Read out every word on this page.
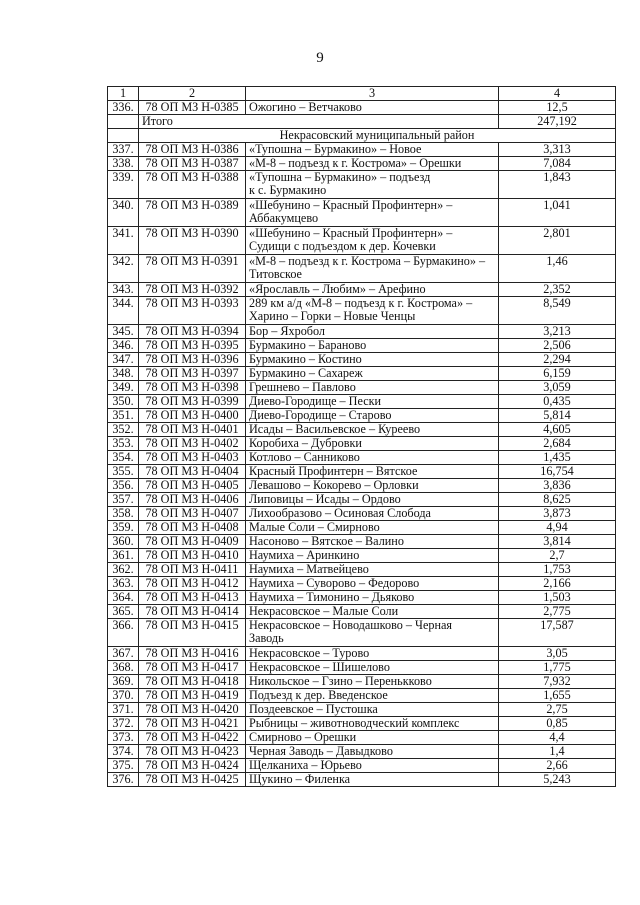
9
1	2	3	4
336.	78 ОП МЗ Н-0385	Ожогино – Ветчаково	12,5
	Итого		247,192
	Некрасовский муниципальный район		
337.	78 ОП МЗ Н-0386	«Тупошна – Бурмакино» – Новое	3,313
338.	78 ОП МЗ Н-0387	«М-8 – подъезд к г. Кострома» – Орешки	7,084
339.	78 ОП МЗ Н-0388	«Тупошна – Бурмакино» – подъезд
к с. Бурмакино	1,843
340.	78 ОП МЗ Н-0389	«Шебунино – Красный Профинтерн» –
Аббакумцево	1,041
341.	78 ОП МЗ Н-0390	«Шебунино – Красный Профинтерн» –
Судищи с подъездом к дер. Кочевки	2,801
342.	78 ОП МЗ Н-0391	«М-8 – подъезд к г. Кострома – Бурмакино» –
Титовское	1,46
343.	78 ОП МЗ Н-0392	«Ярославль – Любим» – Арефино	2,352
344.	78 ОП МЗ Н-0393	289 км а/д «М-8 – подъезд к г. Кострома» –
Харино – Горки – Новые Ченцы	8,549
345.	78 ОП МЗ Н-0394	Бор – Яхробол	3,213
346.	78 ОП МЗ Н-0395	Бурмакино – Бараново	2,506
347.	78 ОП МЗ Н-0396	Бурмакино – Костино	2,294
348.	78 ОП МЗ Н-0397	Бурмакино – Сахареж	6,159
349.	78 ОП МЗ Н-0398	Грешнево – Павлово	3,059
350.	78 ОП МЗ Н-0399	Диево-Городище – Пески	0,435
351.	78 ОП МЗ Н-0400	Диево-Городище – Старово	5,814
352.	78 ОП МЗ Н-0401	Исады – Васильевское – Куреево	4,605
353.	78 ОП МЗ Н-0402	Коробиха – Дубровки	2,684
354.	78 ОП МЗ Н-0403	Котлово – Санниково	1,435
355.	78 ОП МЗ Н-0404	Красный Профинтерн – Вятское	16,754
356.	78 ОП МЗ Н-0405	Левашово – Кокорево – Орловки	3,836
357.	78 ОП МЗ Н-0406	Липовицы – Исады – Ордово	8,625
358.	78 ОП МЗ Н-0407	Лихообразово – Осиновая Слобода	3,873
359.	78 ОП МЗ Н-0408	Малые Соли – Смирново	4,94
360.	78 ОП МЗ Н-0409	Насоново – Вятское – Валино	3,814
361.	78 ОП МЗ Н-0410	Наумиха – Аринкино	2,7
362.	78 ОП МЗ Н-0411	Наумиха – Матвейцево	1,753
363.	78 ОП МЗ Н-0412	Наумиха – Суворово – Федорово	2,166
364.	78 ОП МЗ Н-0413	Наумиха – Тимонино – Дьяково	1,503
365.	78 ОП МЗ Н-0414	Некрасовское – Малые Соли	2,775
366.	78 ОП МЗ Н-0415	Некрасовское – Новодашково – Черная
Заводь	17,587
367.	78 ОП МЗ Н-0416	Некрасовское – Турово	3,05
368.	78 ОП МЗ Н-0417	Некрасовское – Шишелово	1,775
369.	78 ОП МЗ Н-0418	Никольское – Гзино – Перенькково	7,932
370.	78 ОП МЗ Н-0419	Подъезд к дер. Введенское	1,655
371.	78 ОП МЗ Н-0420	Поздеевское – Пустошка	2,75
372.	78 ОП МЗ Н-0421	Рыбницы – животноводческий комплекс	0,85
373.	78 ОП МЗ Н-0422	Смирново – Орешки	4,4
374.	78 ОП МЗ Н-0423	Черная Заводь – Давыдково	1,4
375.	78 ОП МЗ Н-0424	Щелканиха – Юрьево	2,66
376.	78 ОП МЗ Н-0425	Щукино – Филенка	5,243
